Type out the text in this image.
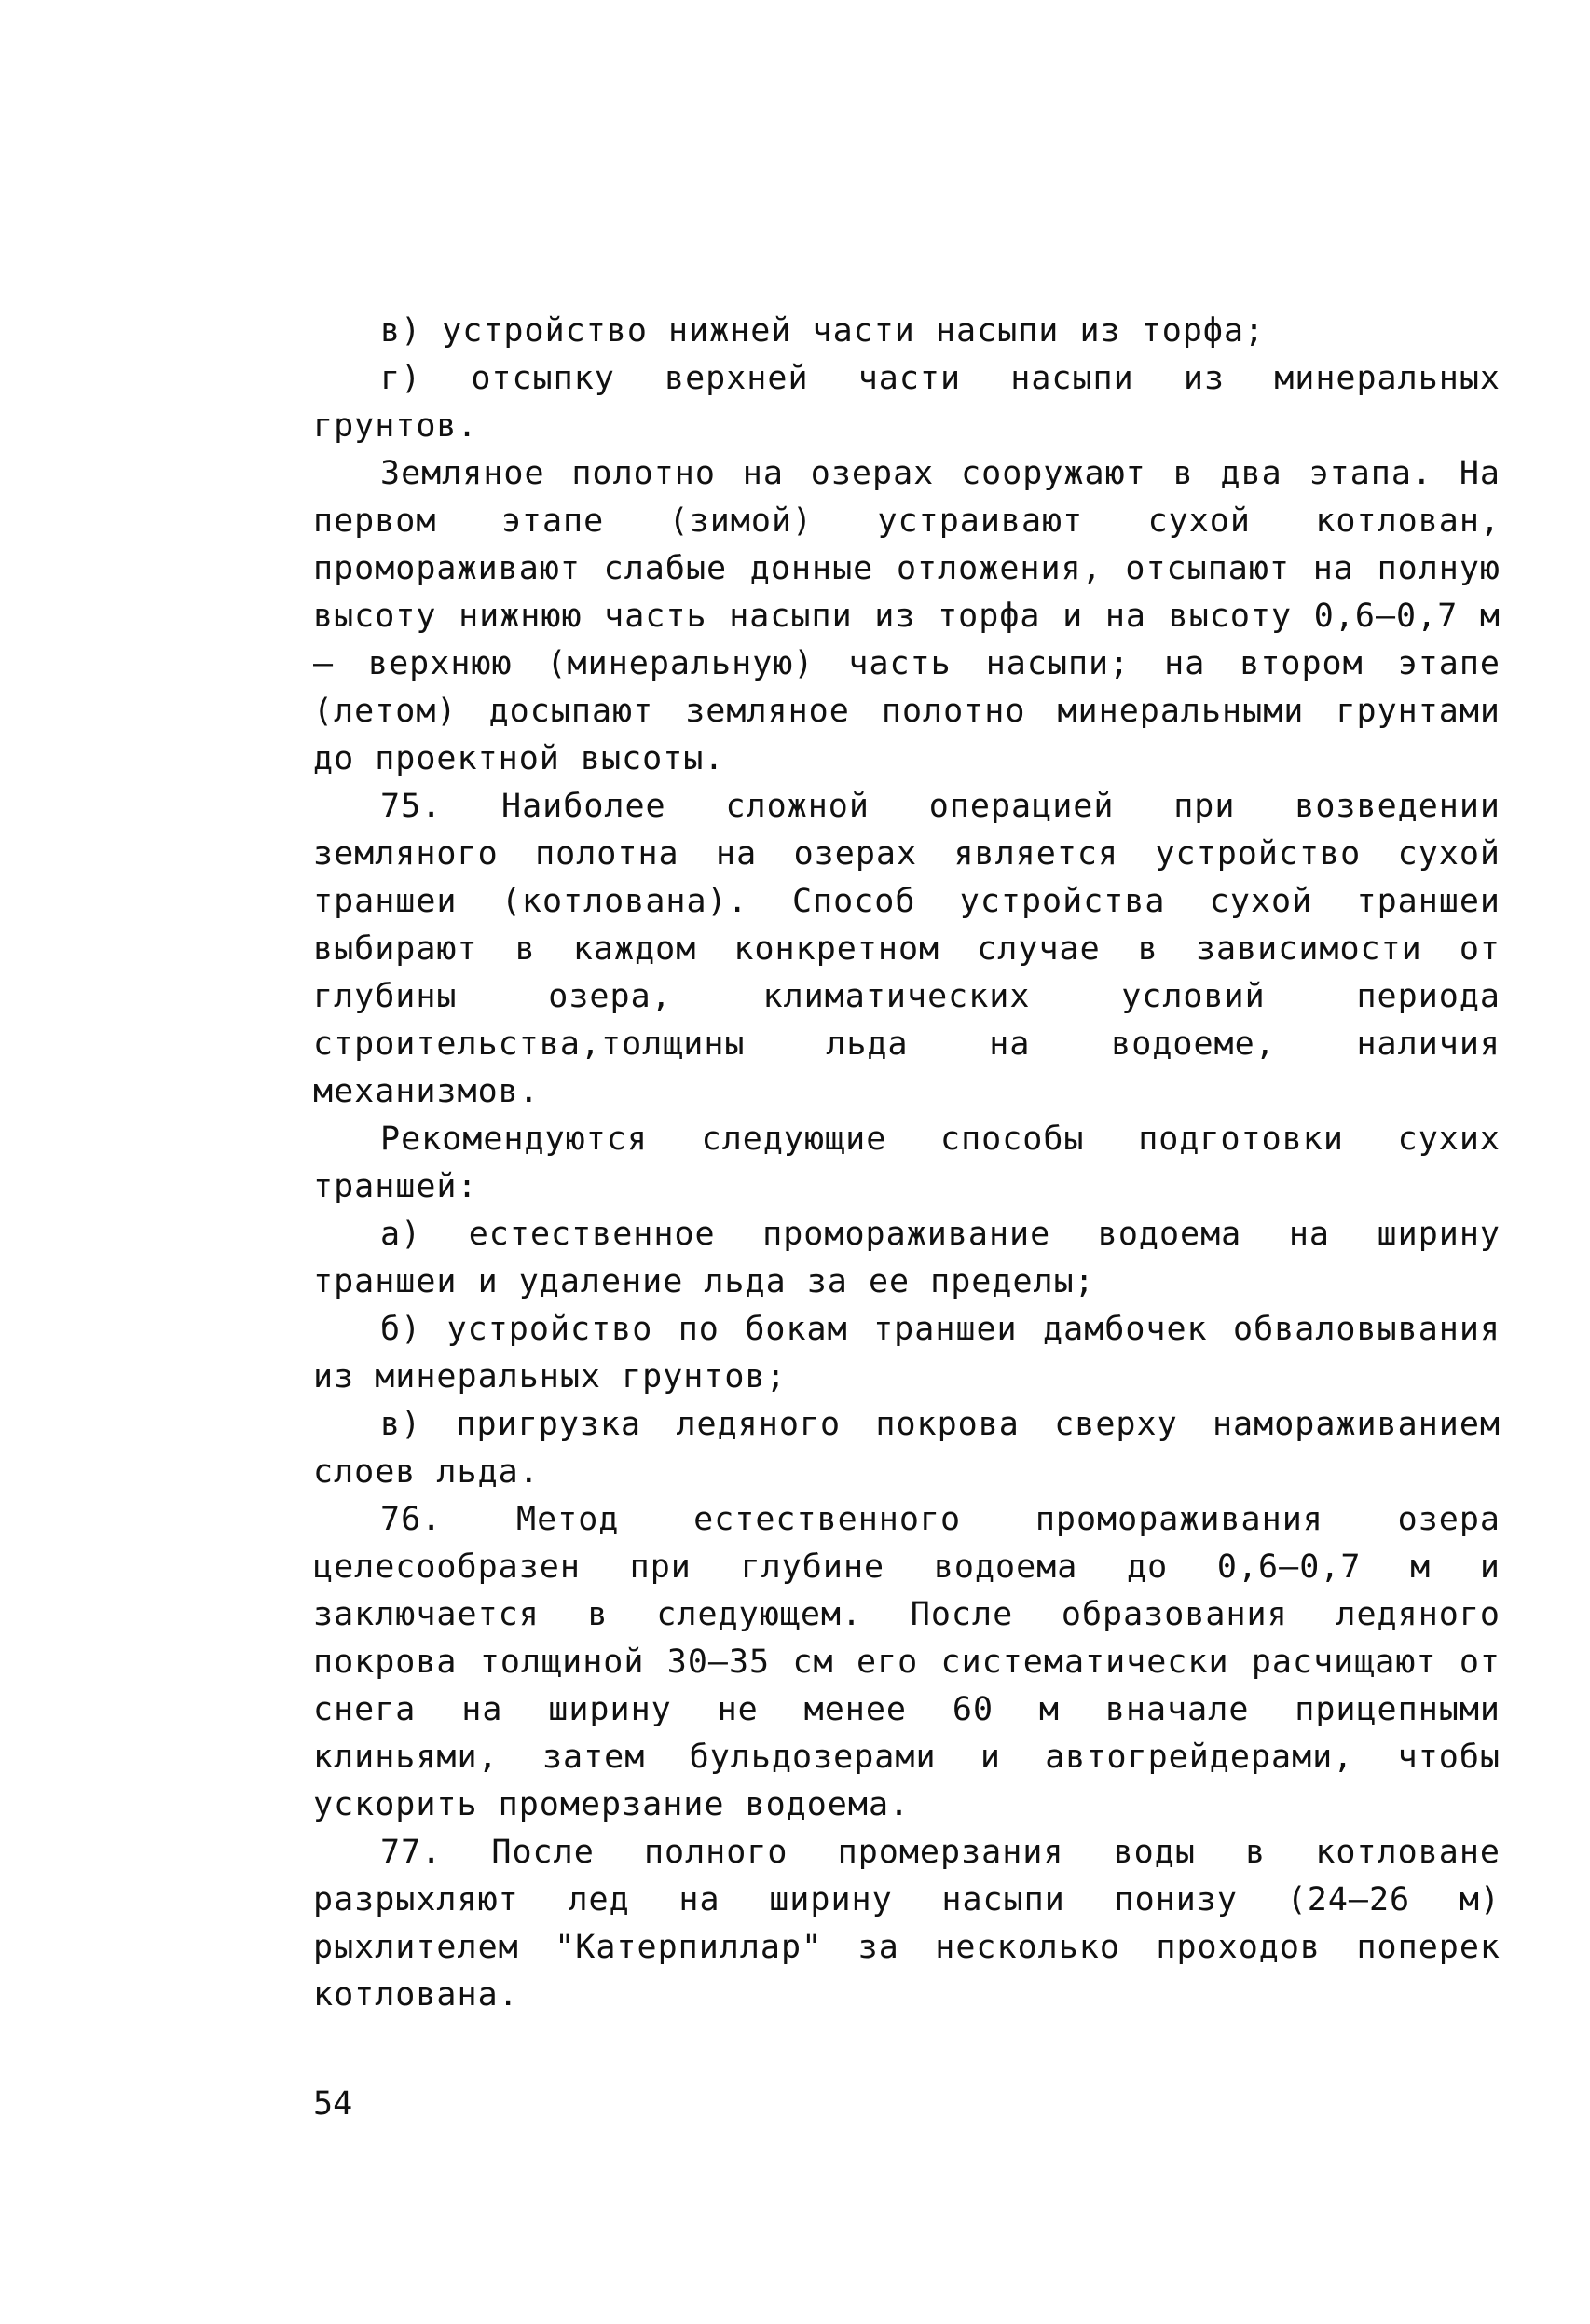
в) устройство нижней части насыпи из торфа;

г) отсыпку верхней части насыпи из минеральных грунтов.

Земляное полотно на озерах сооружают в два этапа. На первом этапе (зимой) устраивают сухой котлован, промораживают слабые донные отложения, отсыпают на полную высоту нижнюю часть насыпи из торфа и на высоту 0,6–0,7 м – верхнюю (минеральную) часть насыпи; на втором этапе (летом) досыпают земляное полотно минеральными грунтами до проектной высоты.

75. Наиболее сложной операцией при возведении земляного полотна на озерах является устройство сухой траншеи (котлована). Способ устройства сухой траншеи выбирают в каждом конкретном случае в зависимости от глубины озера, климатических условий периода строительства,толщины льда на водоеме, наличия механизмов.

Рекомендуются следующие способы подготовки сухих траншей:

а) естественное промораживание водоема на ширину траншеи и удаление льда за ее пределы;

б) устройство по бокам траншеи дамбочек обваловывания из минеральных грунтов;

в) пригрузка ледяного покрова сверху намораживанием слоев льда.

76. Метод естественного промораживания озера целесообразен при глубине водоема до 0,6–0,7 м и заключается в следующем. После образования ледяного покрова толщиной 30–35 см его систематически расчищают от снега на ширину не менее 60 м вначале прицепными клиньями, затем бульдозерами и автогрейдерами, чтобы ускорить промерзание водоема.

77. После полного промерзания воды в котловане разрыхляют лед на ширину насыпи понизу (24–26 м) рыхлителем "Катерпиллар" за несколько проходов поперек котлована.

54
